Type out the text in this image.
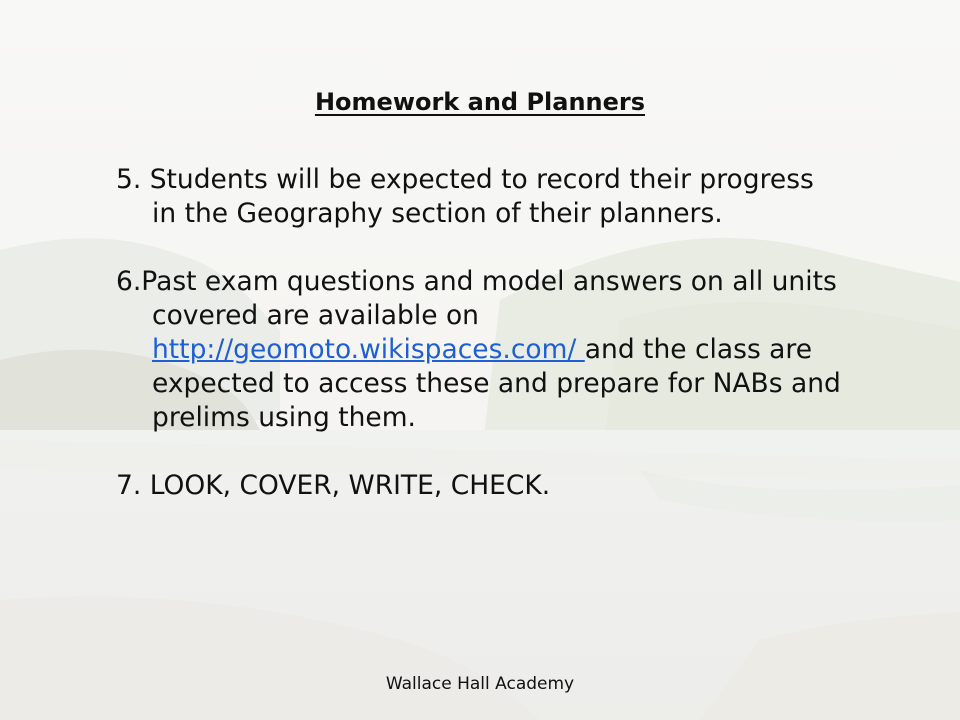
Homework and Planners

5. Students will be expected to record their progress in the Geography section of their planners.

6.Past exam questions and model answers on all units covered are available on http://geomoto.wikispaces.com/ and the class are expected to access these and prepare for NABs and prelims using them.

7. LOOK, COVER, WRITE, CHECK.

Wallace Hall Academy
